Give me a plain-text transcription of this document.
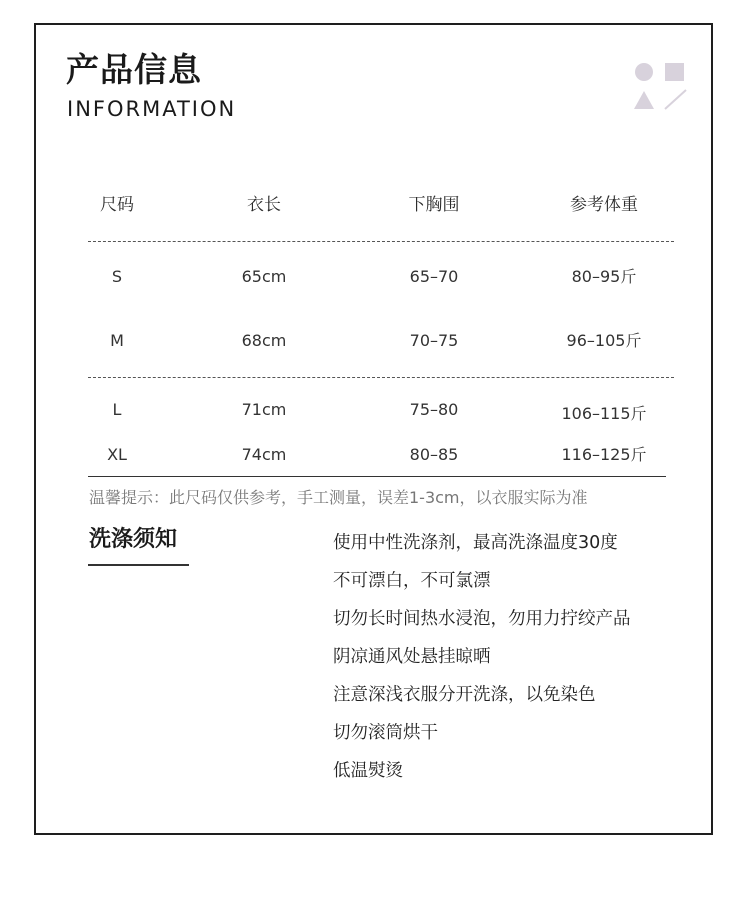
产品信息
INFORMATION
尺码	衣长	下胸围	参考体重
S	65cm	65–70	80–95斤
M	68cm	70–75	96–105斤
L	71cm	75–80	106–115斤
XL	74cm	80–85	116–125斤
温馨提示：此尺码仅供参考，手工测量，误差1-3cm，以衣服实际为准
洗涤须知	使用中性洗涤剂，最高洗涤温度30度
不可漂白，不可氯漂
切勿长时间热水浸泡，勿用力拧绞产品
阴凉通风处悬挂晾晒
注意深浅衣服分开洗涤，以免染色
切勿滚筒烘干
低温熨烫
